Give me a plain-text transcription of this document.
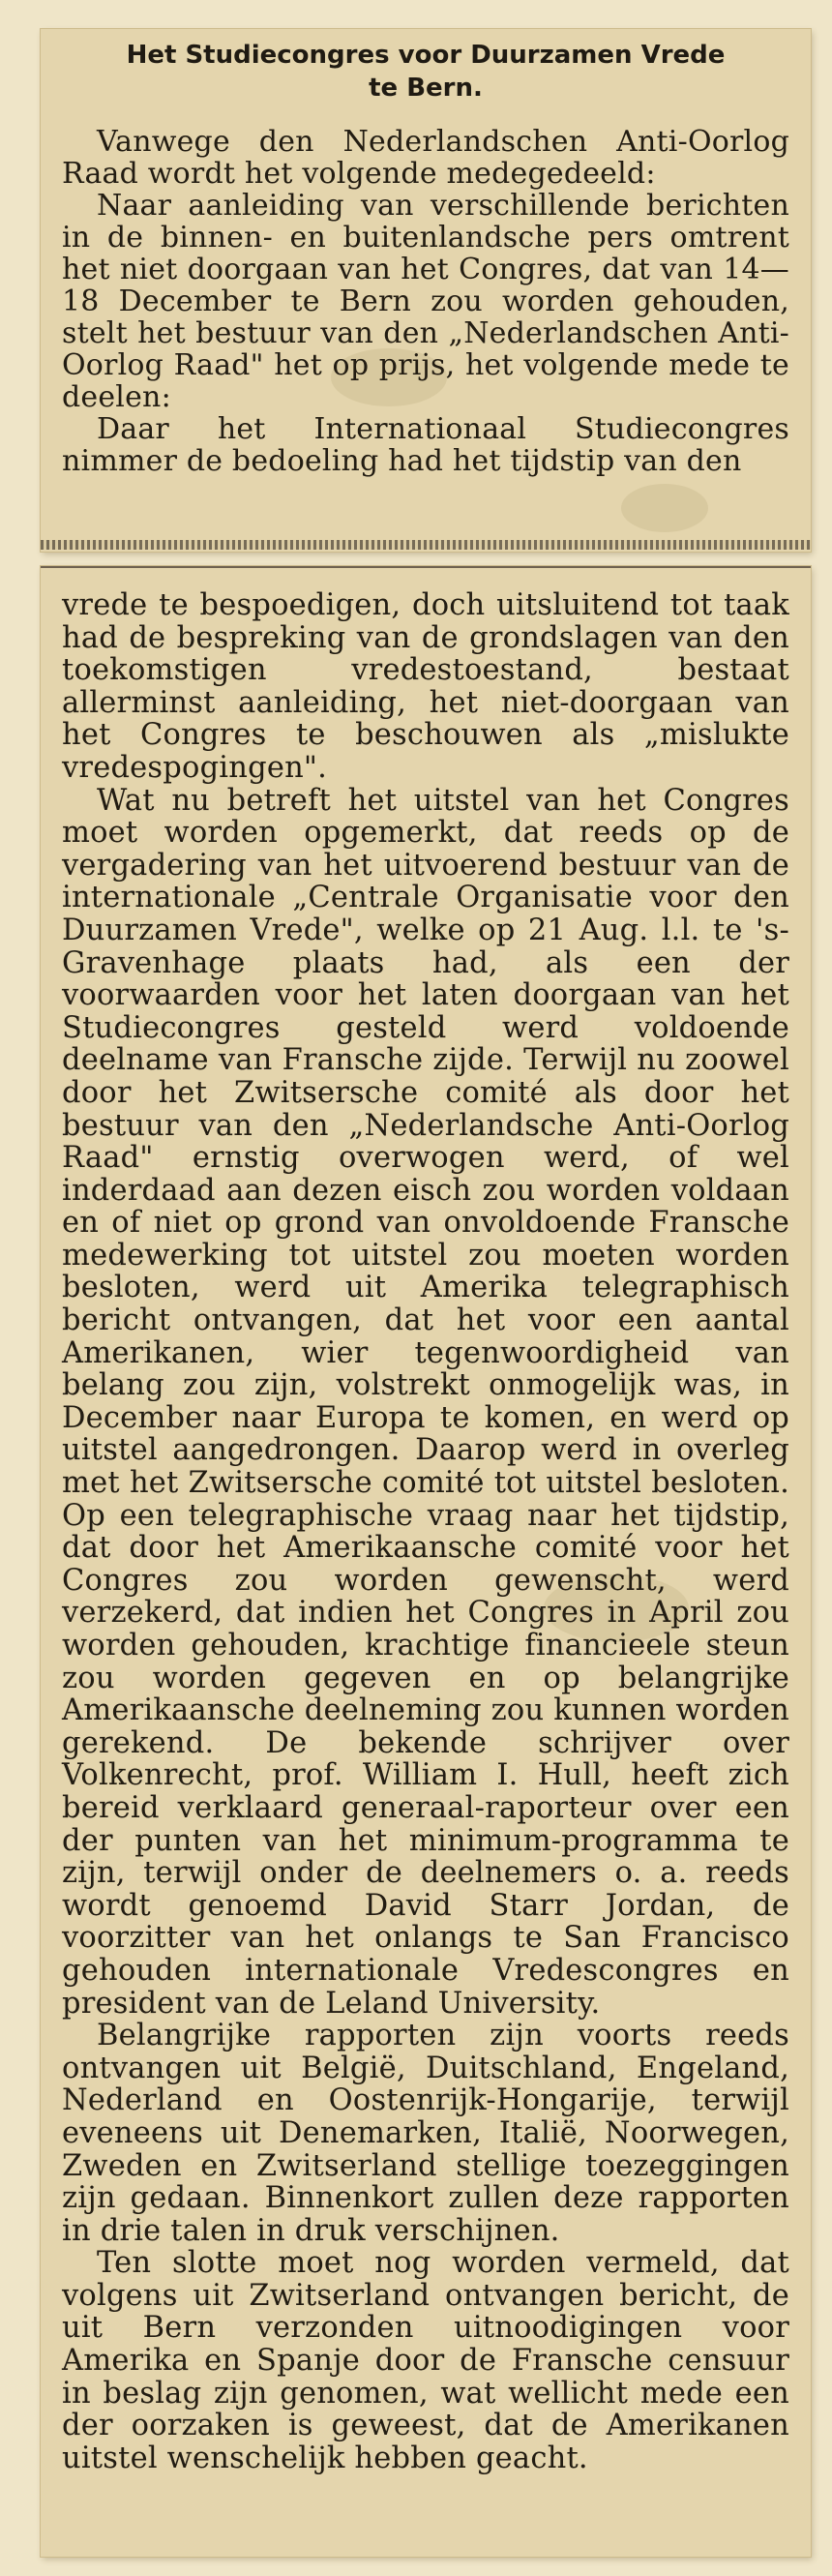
Het Studiecongres voor Duurzamen Vrede
te Bern.

Vanwege den Nederlandschen Anti-Oorlog Raad wordt het volgende medegedeeld:

Naar aanleiding van verschillende berichten in de binnen- en buitenlandsche pers omtrent het niet doorgaan van het Congres, dat van 14—18 December te Bern zou worden gehouden, stelt het bestuur van den „Nederlandschen Anti-Oorlog Raad" het op prijs, het volgende mede te deelen:

Daar het Internationaal Studiecongres nimmer de bedoeling had het tijdstip van den

vrede te bespoedigen, doch uitsluitend tot taak had de bespreking van de grondslagen van den toekomstigen vredestoestand, bestaat allerminst aanleiding, het niet-doorgaan van het Congres te beschouwen als „mislukte vredespogingen".

Wat nu betreft het uitstel van het Congres moet worden opgemerkt, dat reeds op de vergadering van het uitvoerend bestuur van de internationale „Centrale Organisatie voor den Duurzamen Vrede", welke op 21 Aug. l.l. te 's-Gravenhage plaats had, als een der voorwaarden voor het laten doorgaan van het Studiecongres gesteld werd voldoende deelname van Fransche zijde. Terwijl nu zoowel door het Zwitsersche comité als door het bestuur van den „Nederlandsche Anti-Oorlog Raad" ernstig overwogen werd, of wel inderdaad aan dezen eisch zou worden voldaan en of niet op grond van onvoldoende Fransche medewerking tot uitstel zou moeten worden besloten, werd uit Amerika telegraphisch bericht ontvangen, dat het voor een aantal Amerikanen, wier tegenwoordigheid van belang zou zijn, volstrekt onmogelijk was, in December naar Europa te komen, en werd op uitstel aangedrongen. Daarop werd in overleg met het Zwitsersche comité tot uitstel besloten. Op een telegraphische vraag naar het tijdstip, dat door het Amerikaansche comité voor het Congres zou worden gewenscht, werd verzekerd, dat indien het Congres in April zou worden gehouden, krachtige financieele steun zou worden gegeven en op belangrijke Amerikaansche deelneming zou kunnen worden gerekend. De bekende schrijver over Volkenrecht, prof. William I. Hull, heeft zich bereid verklaard generaal-raporteur over een der punten van het minimum-programma te zijn, terwijl onder de deelnemers o. a. reeds wordt genoemd David Starr Jordan, de voorzitter van het onlangs te San Francisco gehouden internationale Vredescongres en president van de Leland University.

Belangrijke rapporten zijn voorts reeds ontvangen uit België, Duitschland, Engeland, Nederland en Oostenrijk-Hongarije, terwijl eveneens uit Denemarken, Italië, Noorwegen, Zweden en Zwitserland stellige toezeggingen zijn gedaan. Binnenkort zullen deze rapporten in drie talen in druk verschijnen.

Ten slotte moet nog worden vermeld, dat volgens uit Zwitserland ontvangen bericht, de uit Bern verzonden uitnoodigingen voor Amerika en Spanje door de Fransche censuur in beslag zijn genomen, wat wellicht mede een der oorzaken is geweest, dat de Amerikanen uitstel wenschelijk hebben geacht.
